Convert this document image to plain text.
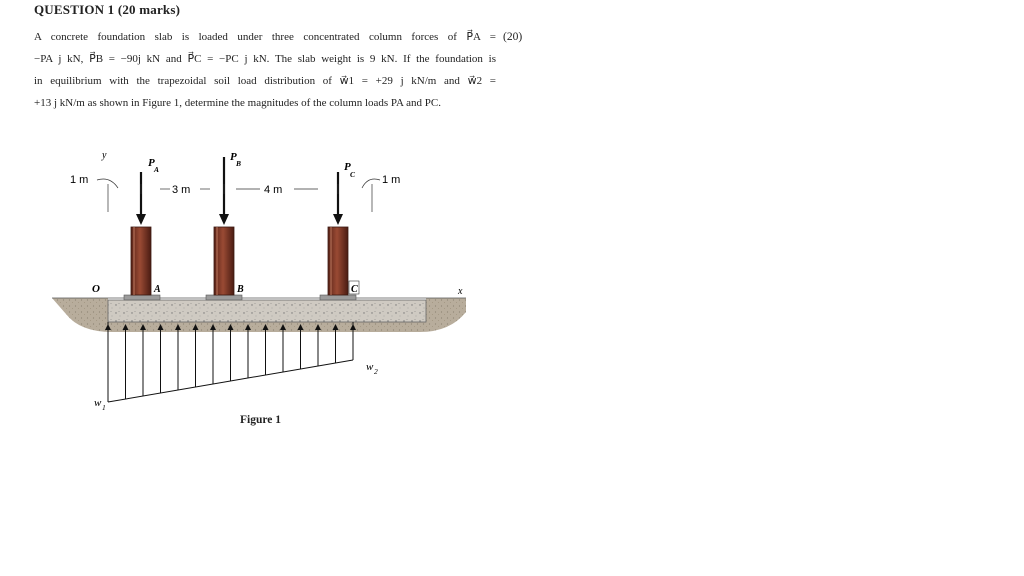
QUESTION 1 (20 marks)
(20)
A concrete foundation slab is loaded under three concentrated column forces of P⃗A =
−PA j kN, P⃗B = −90j kN and P⃗C = −PC j kN. The slab weight is 9 kN. If the foundation is
in equilibrium with the trapezoidal soil load distribution of w⃗1 = +29 j kN/m and w⃗2 =
+13 j kN/m as shown in Figure 1, determine the magnitudes of the column loads PA and PC.
y
x
O
P
A
P
B	P
C
A	B	C
1 m
3 m	4 m
1 m
w 1
w 2
Figure 1
